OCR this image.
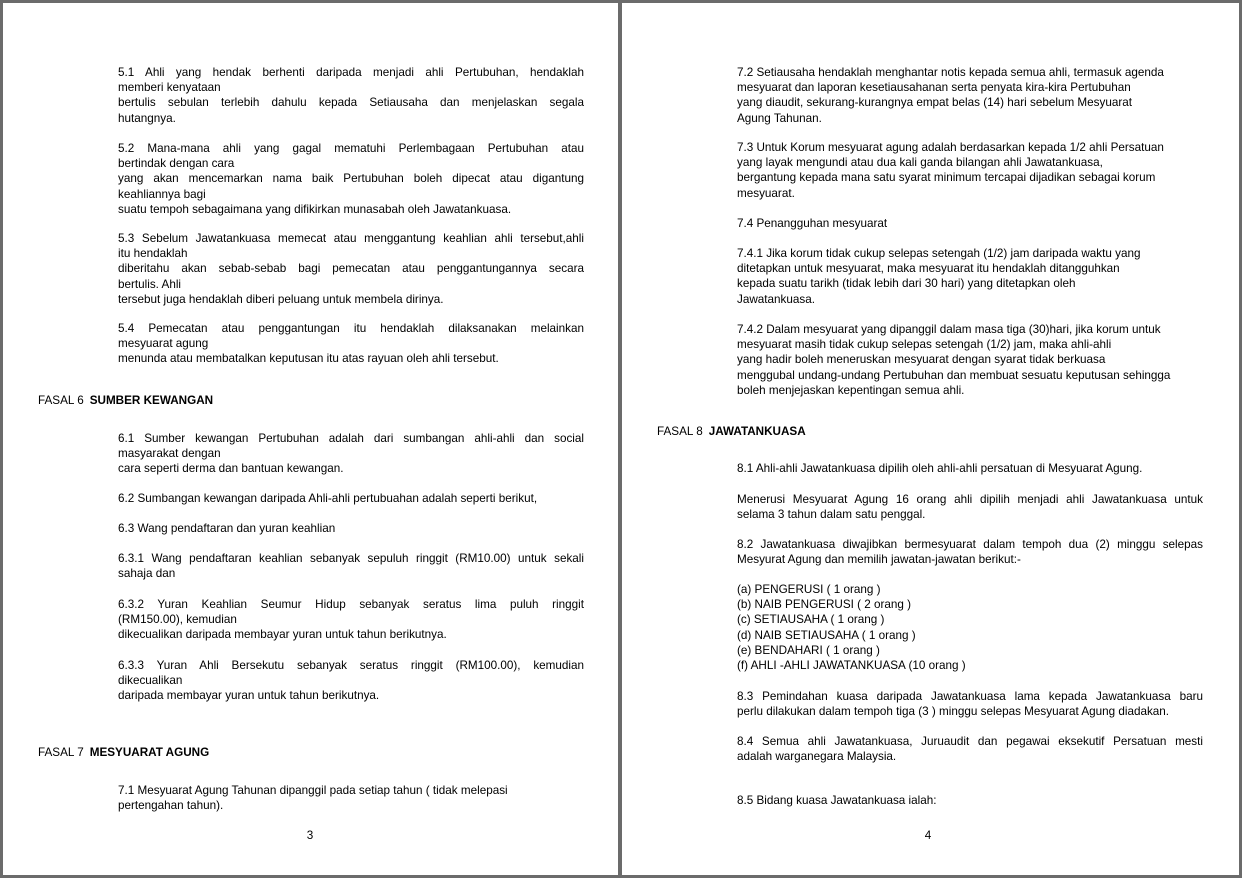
5.1 Ahli yang hendak berhenti daripada menjadi ahli Pertubuhan, hendaklah
memberi kenyataan
bertulis sebulan terlebih dahulu kepada Setiausaha dan menjelaskan segala
hutangnya.
5.2 Mana-mana ahli yang gagal mematuhi Perlembagaan Pertubuhan atau
bertindak dengan cara
yang akan mencemarkan nama baik Pertubuhan boleh dipecat atau digantung
keahliannya bagi
suatu tempoh sebagaimana yang difikirkan munasabah oleh Jawatankuasa.
5.3 Sebelum Jawatankuasa memecat atau menggantung keahlian ahli tersebut,ahli
itu hendaklah
diberitahu akan sebab-sebab bagi pemecatan atau penggantungannya secara
bertulis. Ahli
tersebut juga hendaklah diberi peluang untuk membela dirinya.
5.4 Pemecatan atau penggantungan itu hendaklah dilaksanakan melainkan
mesyuarat agung
menunda atau membatalkan keputusan itu atas rayuan oleh ahli tersebut.
FASAL 6 SUMBER KEWANGAN
6.1 Sumber kewangan Pertubuhan adalah dari sumbangan ahli-ahli dan social
masyarakat dengan
cara seperti derma dan bantuan kewangan.
6.2 Sumbangan kewangan daripada Ahli-ahli pertubuahan adalah seperti berikut,
6.3 Wang pendaftaran dan yuran keahlian
6.3.1 Wang pendaftaran keahlian sebanyak sepuluh ringgit (RM10.00) untuk sekali
sahaja dan
6.3.2 Yuran Keahlian Seumur Hidup sebanyak seratus lima puluh ringgit
(RM150.00), kemudian
dikecualikan daripada membayar yuran untuk tahun berikutnya.
6.3.3 Yuran Ahli Bersekutu sebanyak seratus ringgit (RM100.00), kemudian
dikecualikan
daripada membayar yuran untuk tahun berikutnya.
FASAL 7 MESYUARAT AGUNG
7.1 Mesyuarat Agung Tahunan dipanggil pada setiap tahun ( tidak melepasi
pertengahan tahun).
3
7.2 Setiausaha hendaklah menghantar notis kepada semua ahli, termasuk agenda
mesyuarat dan laporan kesetiausahanan serta penyata kira-kira Pertubuhan
yang diaudit, sekurang-kurangnya empat belas (14) hari sebelum Mesyuarat
Agung Tahunan.
7.3 Untuk Korum mesyuarat agung adalah berdasarkan kepada 1/2 ahli Persatuan
yang layak mengundi atau dua kali ganda bilangan ahli Jawatankuasa,
bergantung kepada mana satu syarat minimum tercapai dijadikan sebagai korum
mesyuarat.
7.4 Penangguhan mesyuarat
7.4.1 Jika korum tidak cukup selepas setengah (1/2) jam daripada waktu yang
ditetapkan untuk mesyuarat, maka mesyuarat itu hendaklah ditangguhkan
kepada suatu tarikh (tidak lebih dari 30 hari) yang ditetapkan oleh
Jawatankuasa.
7.4.2 Dalam mesyuarat yang dipanggil dalam masa tiga (30)hari, jika korum untuk
mesyuarat masih tidak cukup selepas setengah (1/2) jam, maka ahli-ahli
yang hadir boleh meneruskan mesyuarat dengan syarat tidak berkuasa
menggubal undang-undang Pertubuhan dan membuat sesuatu keputusan sehingga
boleh menjejaskan kepentingan semua ahli.
FASAL 8 JAWATANKUASA
8.1 Ahli-ahli Jawatankuasa dipilih oleh ahli-ahli persatuan di Mesyuarat Agung.
Menerusi Mesyuarat Agung 16 orang ahli dipilih menjadi ahli Jawatankuasa untuk
selama 3 tahun dalam satu penggal.
8.2 Jawatankuasa diwajibkan bermesyuarat dalam tempoh dua (2) minggu selepas
Mesyurat Agung dan memilih jawatan-jawatan berikut:-
(a) PENGERUSI ( 1 orang )
(b) NAIB PENGERUSI ( 2 orang )
(c) SETIAUSAHA ( 1 orang )
(d) NAIB SETIAUSAHA ( 1 orang )
(e) BENDAHARI ( 1 orang )
(f) AHLI -AHLI JAWATANKUASA (10 orang )
8.3 Pemindahan kuasa daripada Jawatankuasa lama kepada Jawatankuasa baru
perlu dilakukan dalam tempoh tiga (3 ) minggu selepas Mesyuarat Agung diadakan.
8.4 Semua ahli Jawatankuasa, Juruaudit dan pegawai eksekutif Persatuan mesti
adalah warganegara Malaysia.
8.5 Bidang kuasa Jawatankuasa ialah:
4
